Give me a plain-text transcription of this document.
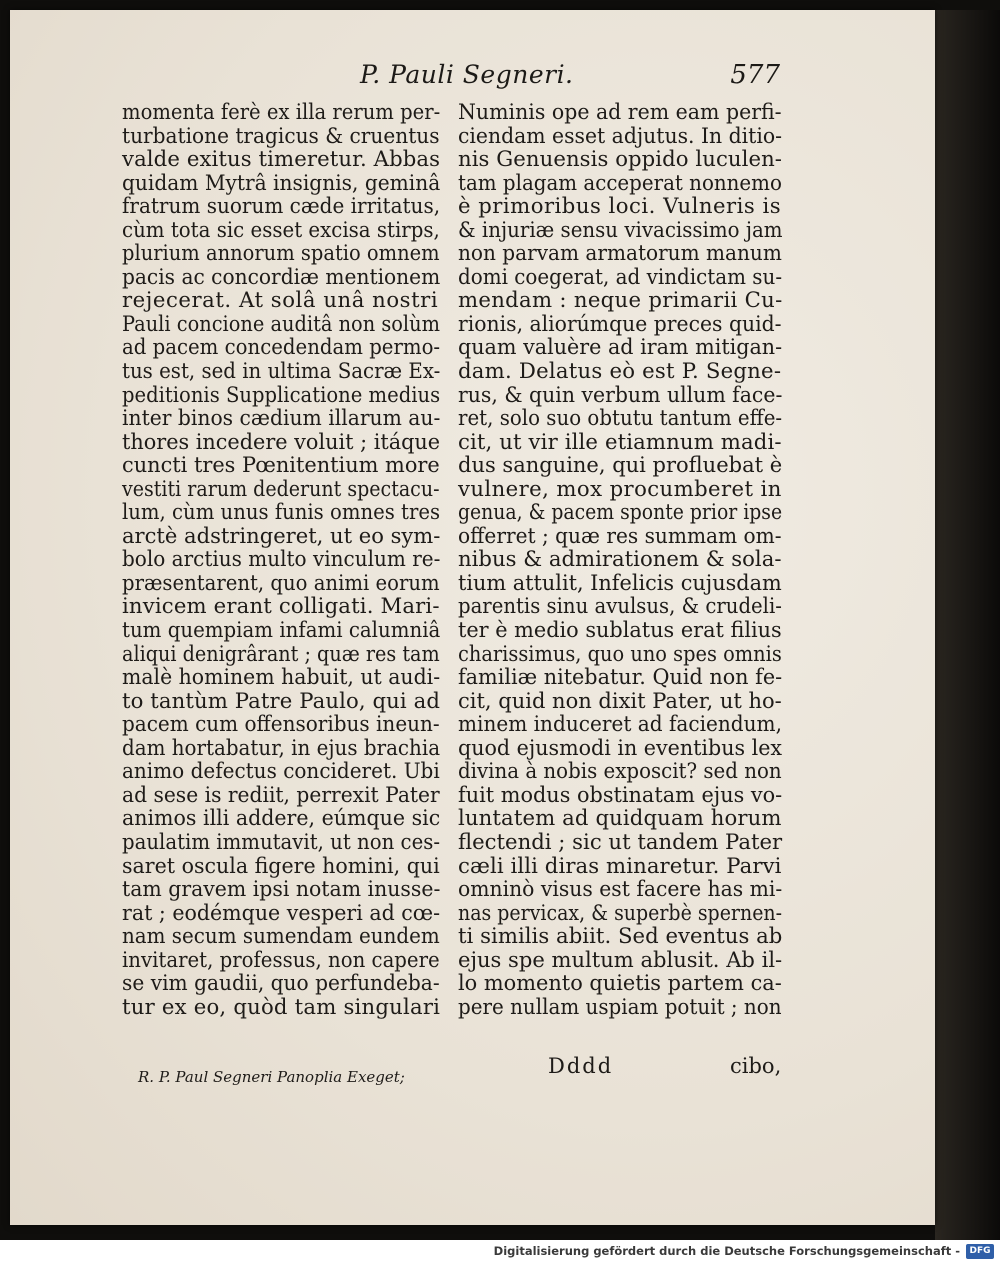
P. Pauli Segneri.	577
momenta ferè ex illa rerum per-
turbatione tragicus & cruentus
valde exitus timeretur. Abbas
quidam Mytrâ insignis, geminâ
fratrum suorum cæde irritatus,
cùm tota sic esset excisa stirps,
plurium annorum spatio omnem
pacis ac concordiæ mentionem
rejecerat. At solâ unâ nostri
Pauli concione auditâ non solùm
ad pacem concedendam permo-
tus est, sed in ultima Sacræ Ex-
peditionis Supplicatione medius
inter binos cædium illarum au-
thores incedere voluit ; itáque
cuncti tres Pœnitentium more
vestiti rarum dederunt spectacu-
lum, cùm unus funis omnes tres
arctè adstringeret, ut eo sym-
bolo arctius multo vinculum re-
præsentarent, quo animi eorum
invicem erant colligati. Mari-
tum quempiam infami calumniâ
aliqui denigrârant ; quæ res tam
malè hominem habuit, ut audi-
to tantùm Patre Paulo, qui ad
pacem cum offensoribus ineun-
dam hortabatur, in ejus brachia
animo defectus concideret. Ubi
ad sese is rediit, perrexit Pater
animos illi addere, eúmque sic
paulatim immutavit, ut non ces-
saret oscula figere homini, qui
tam gravem ipsi notam inusse-
rat ; eodémque vesperi ad cœ-
nam secum sumendam eundem
invitaret, professus, non capere
se vim gaudii, quo perfundeba-
tur ex eo, quòd tam singulari
Numinis ope ad rem eam perfi-
ciendam esset adjutus. In ditio-
nis Genuensis oppido luculen-
tam plagam acceperat nonnemo
è primoribus loci. Vulneris is
& injuriæ sensu vivacissimo jam
non parvam armatorum manum
domi coegerat, ad vindictam su-
mendam : neque primarii Cu-
rionis, aliorúmque preces quid-
quam valuère ad iram mitigan-
dam. Delatus eò est P. Segne-
rus, & quin verbum ullum face-
ret, solo suo obtutu tantum effe-
cit, ut vir ille etiamnum madi-
dus sanguine, qui profluebat è
vulnere, mox procumberet in
genua, & pacem sponte prior ipse
offerret ; quæ res summam om-
nibus & admirationem & sola-
tium attulit, Infelicis cujusdam
parentis sinu avulsus, & crudeli-
ter è medio sublatus erat filius
charissimus, quo uno spes omnis
familiæ nitebatur. Quid non fe-
cit, quid non dixit Pater, ut ho-
minem induceret ad faciendum,
quod ejusmodi in eventibus lex
divina à nobis exposcit? sed non
fuit modus obstinatam ejus vo-
luntatem ad quidquam horum
flectendi ; sic ut tandem Pater
cæli illi diras minaretur. Parvi
omninò visus est facere has mi-
nas pervicax, & superbè spernen-
ti similis abiit. Sed eventus ab
ejus spe multum ablusit. Ab il-
lo momento quietis partem ca-
pere nullam uspiam potuit ; non
R. P. Paul Segneri Panoplia Exeget;	Dddd	cibo,
Digitalisierung gefördert durch die Deutsche Forschungsgemeinschaft -	DFG
